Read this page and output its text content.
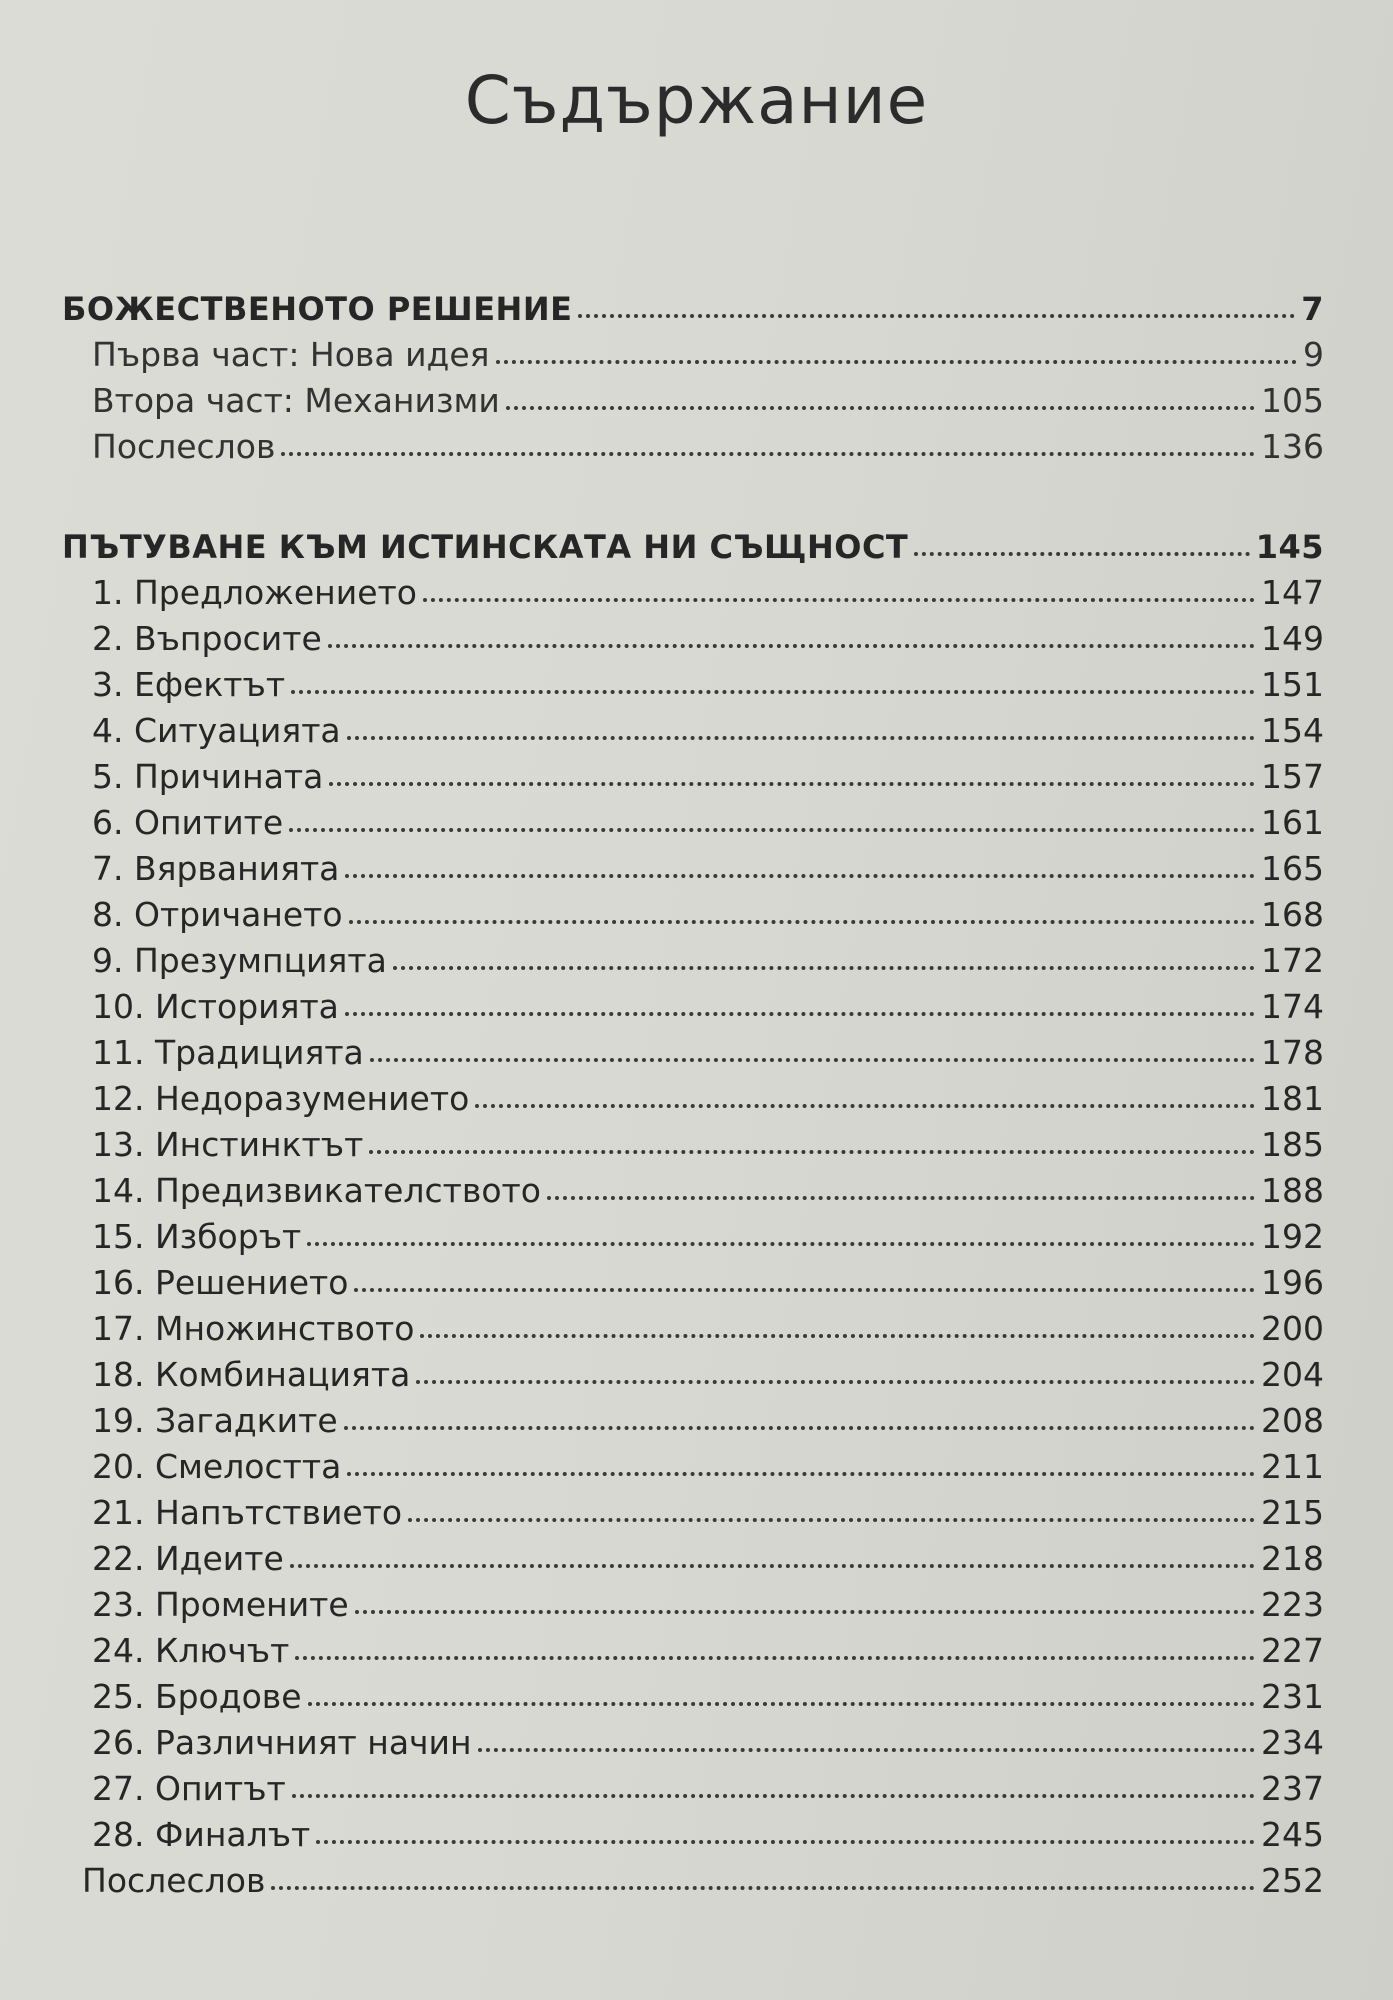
Съдържание
БОЖЕСТВЕНОТО РЕШЕНИЕ	7
Първа част: Нова идея	9
Втора част: Механизми	105
Послеслов	136
ПЪТУВАНЕ КЪМ ИСТИНСКАТА НИ СЪЩНОСТ	145
1. Предложението	147
2. Въпросите	149
3. Ефектът	151
4. Ситуацията	154
5. Причината	157
6. Опитите	161
7. Вярванията	165
8. Отричането	168
9. Презумпцията	172
10. Историята	174
11. Традицията	178
12. Недоразумението	181
13. Инстинктът	185
14. Предизвикателството	188
15. Изборът	192
16. Решението	196
17. Множинството	200
18. Комбинацията	204
19. Загадките	208
20. Смелостта	211
21. Напътствието	215
22. Идеите	218
23. Промените	223
24. Ключът	227
25. Бродове	231
26. Различният начин	234
27. Опитът	237
28. Финалът	245
Послеслов	252
